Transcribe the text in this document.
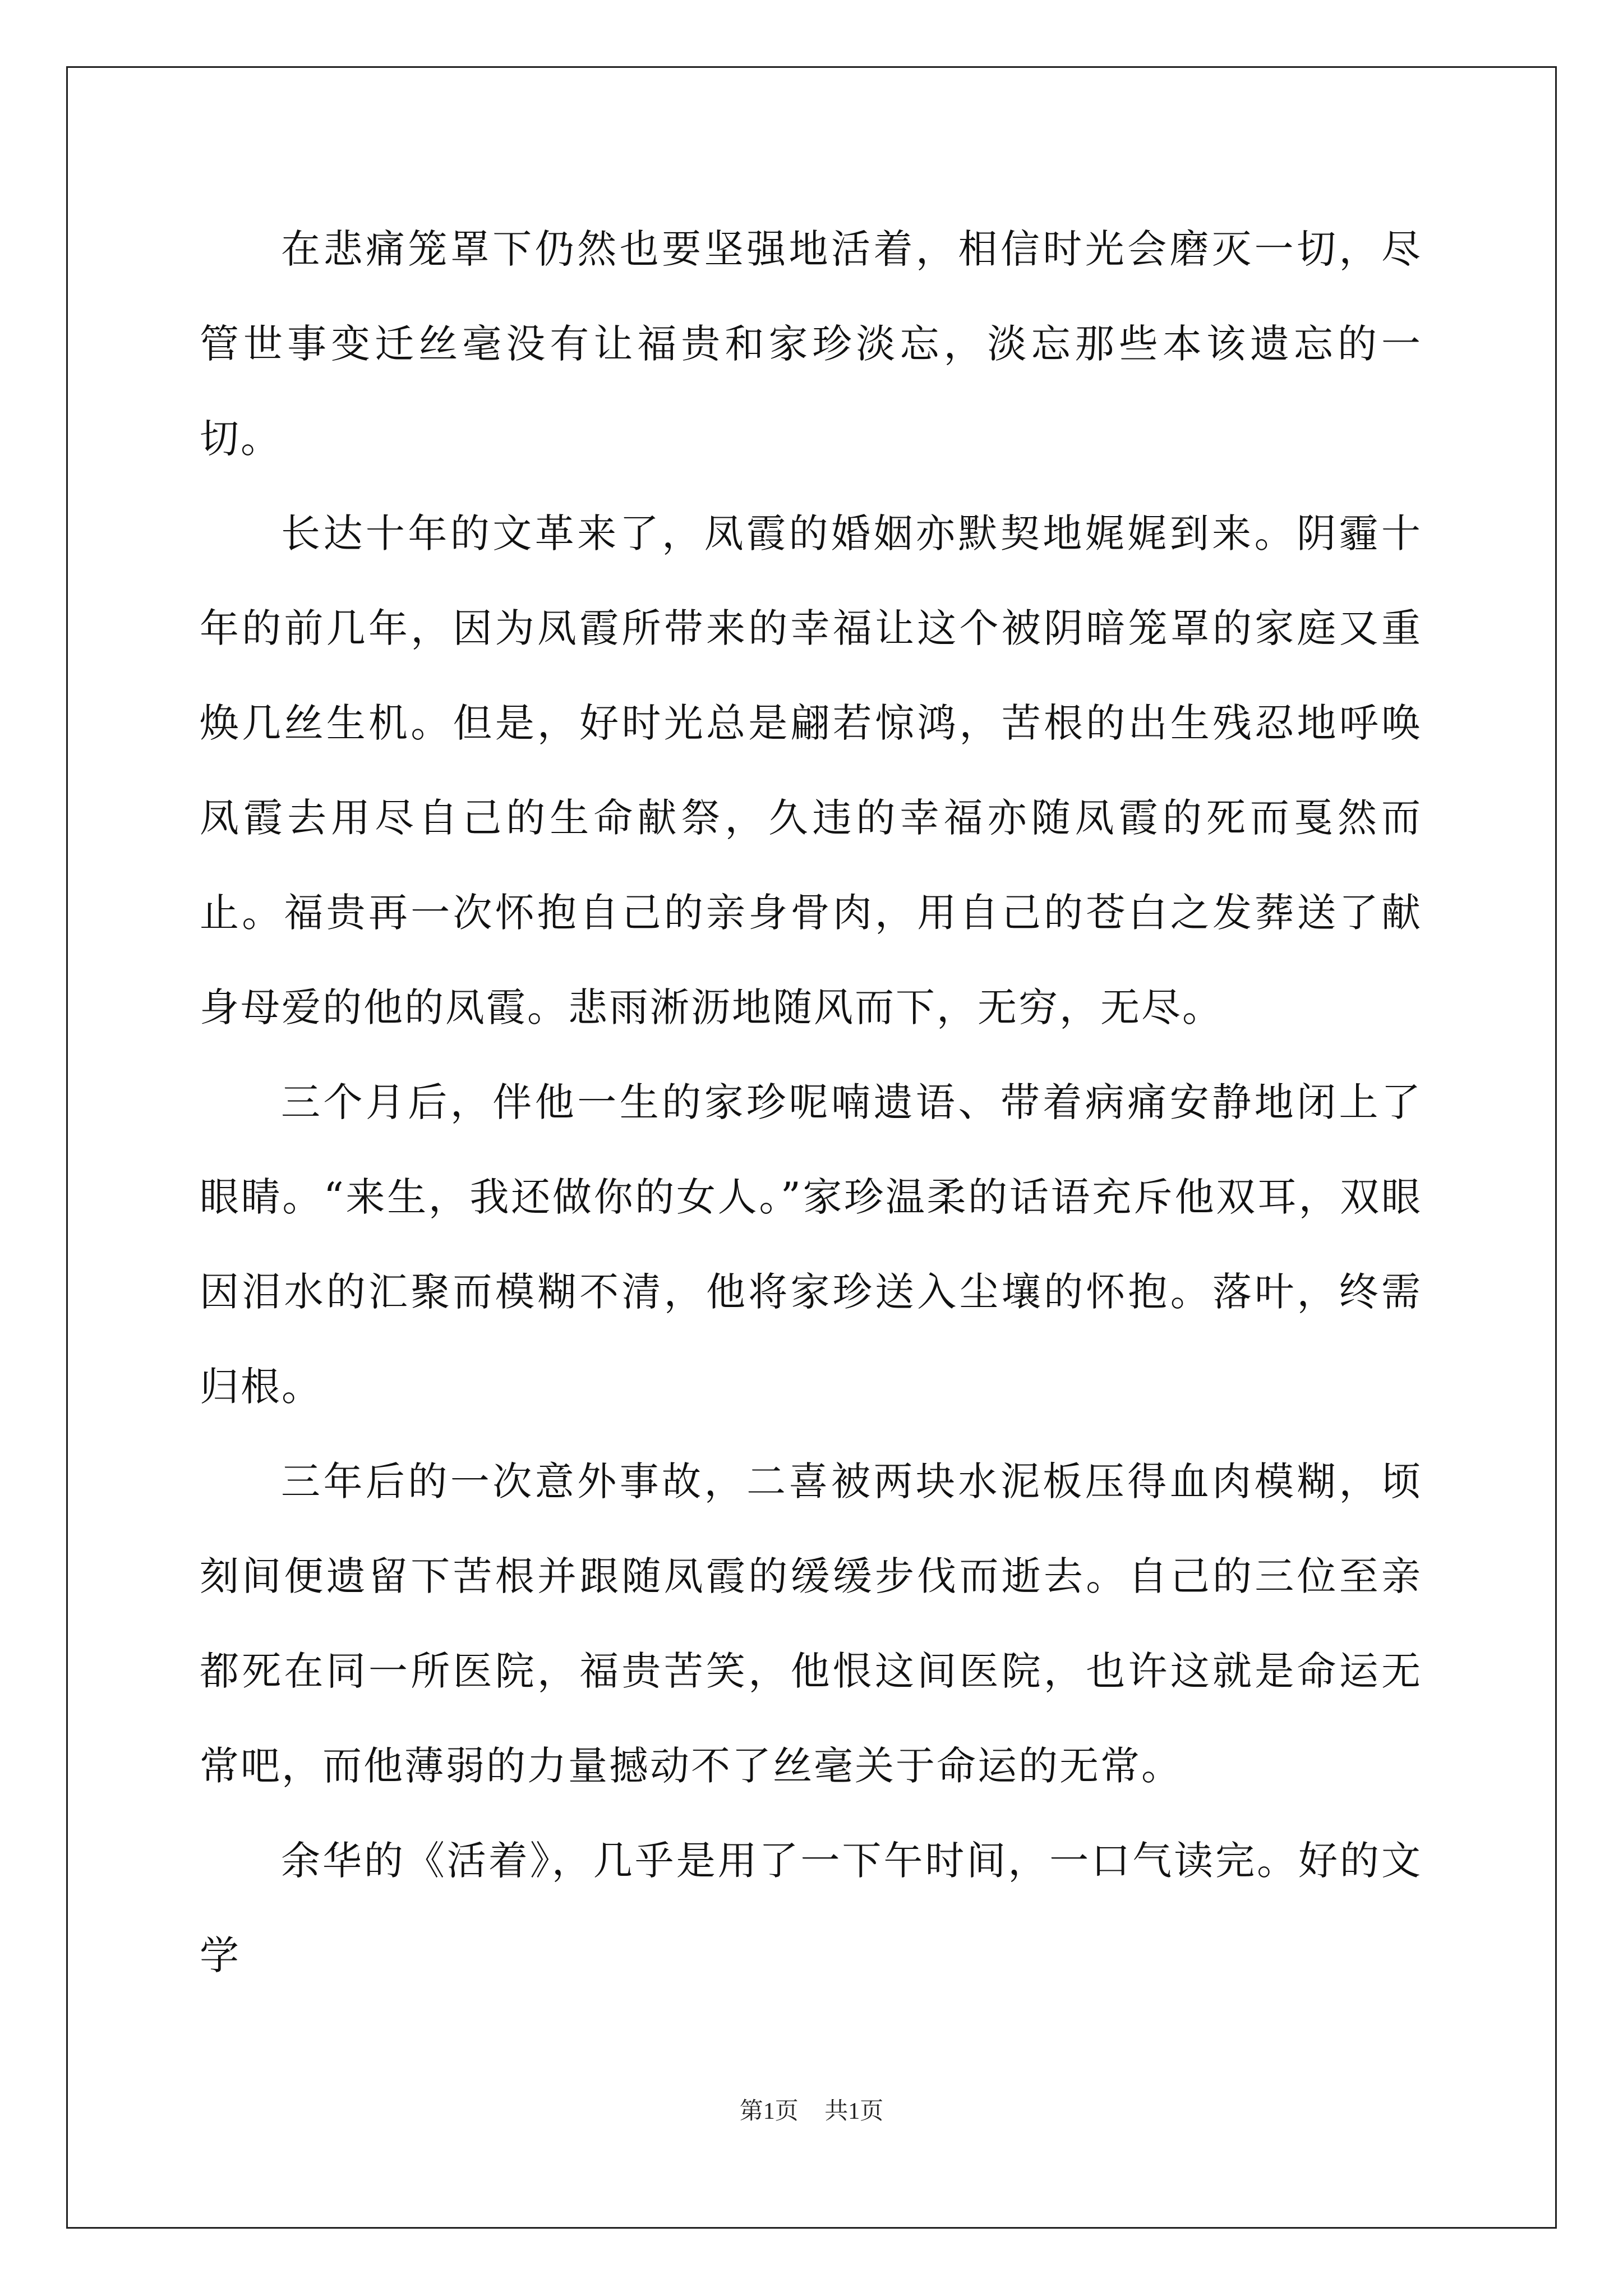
在悲痛笼罩下仍然也要坚强地活着，相信时光会磨灭一切，尽管世事变迁丝毫没有让福贵和家珍淡忘，淡忘那些本该遗忘的一切。

长达十年的文革来了，凤霞的婚姻亦默契地娓娓到来。阴霾十年的前几年，因为凤霞所带来的幸福让这个被阴暗笼罩的家庭又重焕几丝生机。但是，好时光总是翩若惊鸿，苦根的出生残忍地呼唤凤霞去用尽自己的生命献祭，久违的幸福亦随凤霞的死而戛然而止。福贵再一次怀抱自己的亲身骨肉，用自己的苍白之发葬送了献身母爱的他的凤霞。悲雨淅沥地随风而下，无穷，无尽。

三个月后，伴他一生的家珍呢喃遗语、带着病痛安静地闭上了眼睛。“来生，我还做你的女人。”家珍温柔的话语充斥他双耳，双眼因泪水的汇聚而模糊不清，他将家珍送入尘壤的怀抱。落叶，终需归根。

三年后的一次意外事故，二喜被两块水泥板压得血肉模糊，顷刻间便遗留下苦根并跟随凤霞的缓缓步伐而逝去。自己的三位至亲都死在同一所医院，福贵苦笑，他恨这间医院，也许这就是命运无常吧，而他薄弱的力量撼动不了丝毫关于命运的无常。

余华的《活着》，几乎是用了一下午时间，一口气读完。好的文学

第1页 共1页
